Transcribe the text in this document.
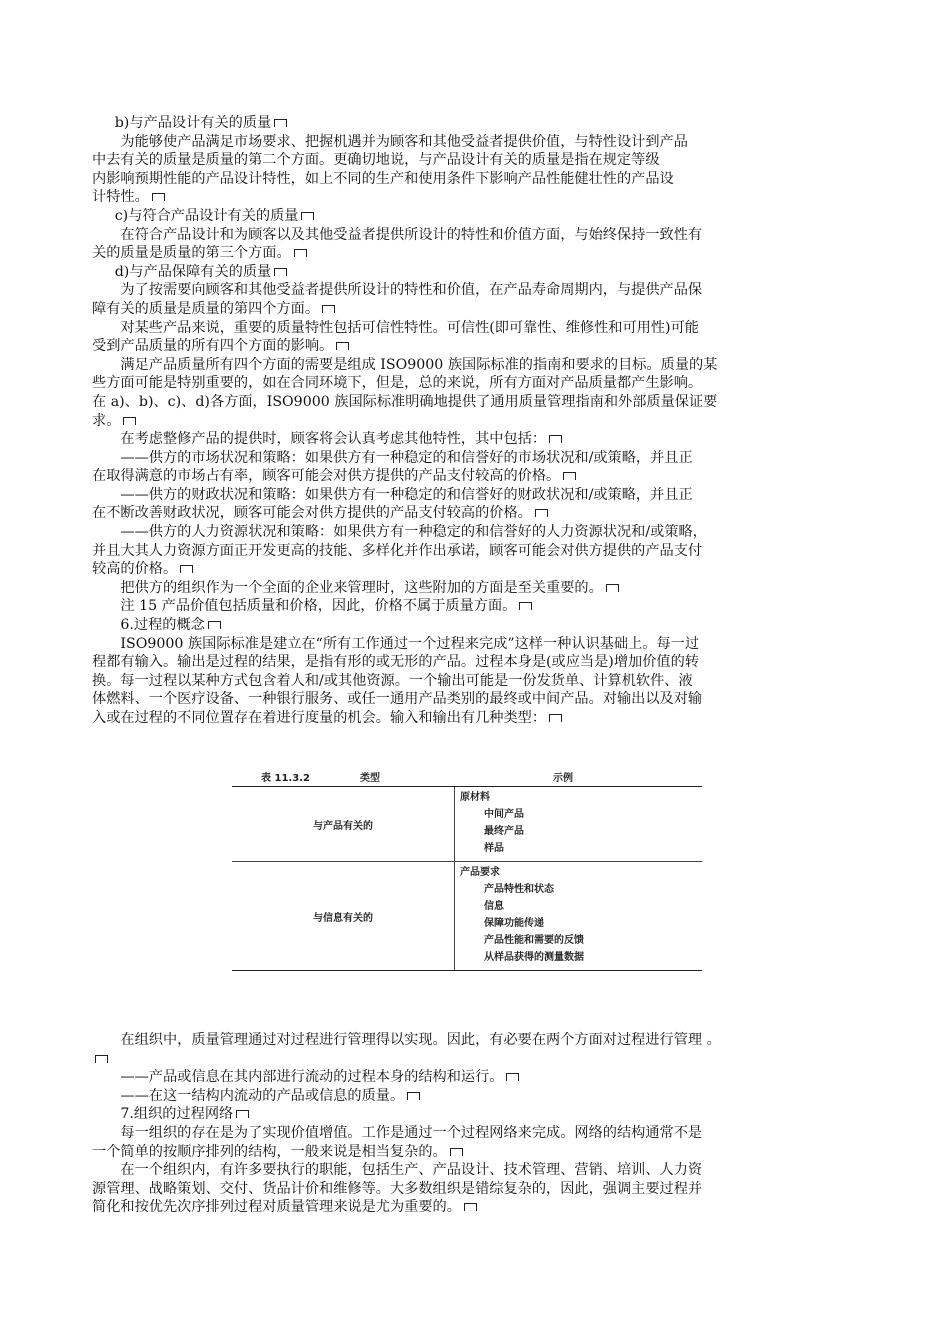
b)与产品设计有关的质量

为能够使产品满足市场要求、把握机遇并为顾客和其他受益者提供价值，与特性设计到产品
中去有关的质量是质量的第二个方面。更确切地说，与产品设计有关的质量是指在规定等级
内影响预期性能的产品设计特性，如上不同的生产和使用条件下影响产品性能健壮性的产品设
计特性。

c)与符合产品设计有关的质量

在符合产品设计和为顾客以及其他受益者提供所设计的特性和价值方面，与始终保持一致性有
关的质量是质量的第三个方面。

d)与产品保障有关的质量

为了按需要向顾客和其他受益者提供所设计的特性和价值，在产品寿命周期内，与提供产品保
障有关的质量是质量的第四个方面。

对某些产品来说，重要的质量特性包括可信性特性。可信性(即可靠性、维修性和可用性)可能
受到产品质量的所有四个方面的影响。

满足产品质量所有四个方面的需要是组成 ISO9000 族国际标准的指南和要求的目标。质量的某
些方面可能是特别重要的，如在合同环境下，但是，总的来说，所有方面对产品质量都产生影响。
在 a)、b)、c)、d)各方面，ISO9000 族国际标准明确地提供了通用质量管理指南和外部质量保证要
求。

在考虑整修产品的提供时，顾客将会认真考虑其他特性，其中包括：

——供方的市场状况和策略：如果供方有一种稳定的和信誉好的市场状况和/或策略，并且正
在取得满意的市场占有率，顾客可能会对供方提供的产品支付较高的价格。

——供方的财政状况和策略：如果供方有一种稳定的和信誉好的财政状况和/或策略，并且正
在不断改善财政状况，顾客可能会对供方提供的产品支付较高的价格。

——供方的人力资源状况和策略：如果供方有一种稳定的和信誉好的人力资源状况和/或策略，
并且大其人力资源方面正开发更高的技能、多样化并作出承诺，顾客可能会对供方提供的产品支付
较高的价格。

把供方的组织作为一个全面的企业来管理时，这些附加的方面是至关重要的。

注 15 产品价值包括质量和价格，因此，价格不属于质量方面。

6.过程的概念

ISO9000 族国际标准是建立在“所有工作通过一个过程来完成”这样一种认识基础上。每一过
程都有输入。输出是过程的结果，是指有形的或无形的产品。过程本身是(或应当是)增加价值的转
换。每一过程以某种方式包含着人和/或其他资源。一个输出可能是一份发货单、计算机软件、液
体燃料、一个医疗设备、一种银行服务、或任一通用产品类别的最终或中间产品。对输出以及对输
入或在过程的不同位置存在着进行度量的机会。输入和输出有几种类型：

表 11.3.2	类型	示例
与产品有关的
原材料
中间产品
最终产品
样品
与信息有关的
产品要求
产品特性和状态
信息
保障功能传递
产品性能和需要的反馈
从样品获得的测量数据

在组织中，质量管理通过对过程进行管理得以实现。因此，有必要在两个方面对过程进行管理 。

——产品或信息在其内部进行流动的过程本身的结构和运行。

——在这一结构内流动的产品或信息的质量。

7.组织的过程网络

每一组织的存在是为了实现价值增值。工作是通过一个过程网络来完成。网络的结构通常不是
一个简单的按顺序排列的结构，一般来说是相当复杂的。

在一个组织内，有许多要执行的职能，包括生产、产品设计、技术管理、营销、培训、人力资
源管理、战略策划、交付、货品计价和维修等。大多数组织是错综复杂的，因此，强调主要过程并
简化和按优先次序排列过程对质量管理来说是尤为重要的。
